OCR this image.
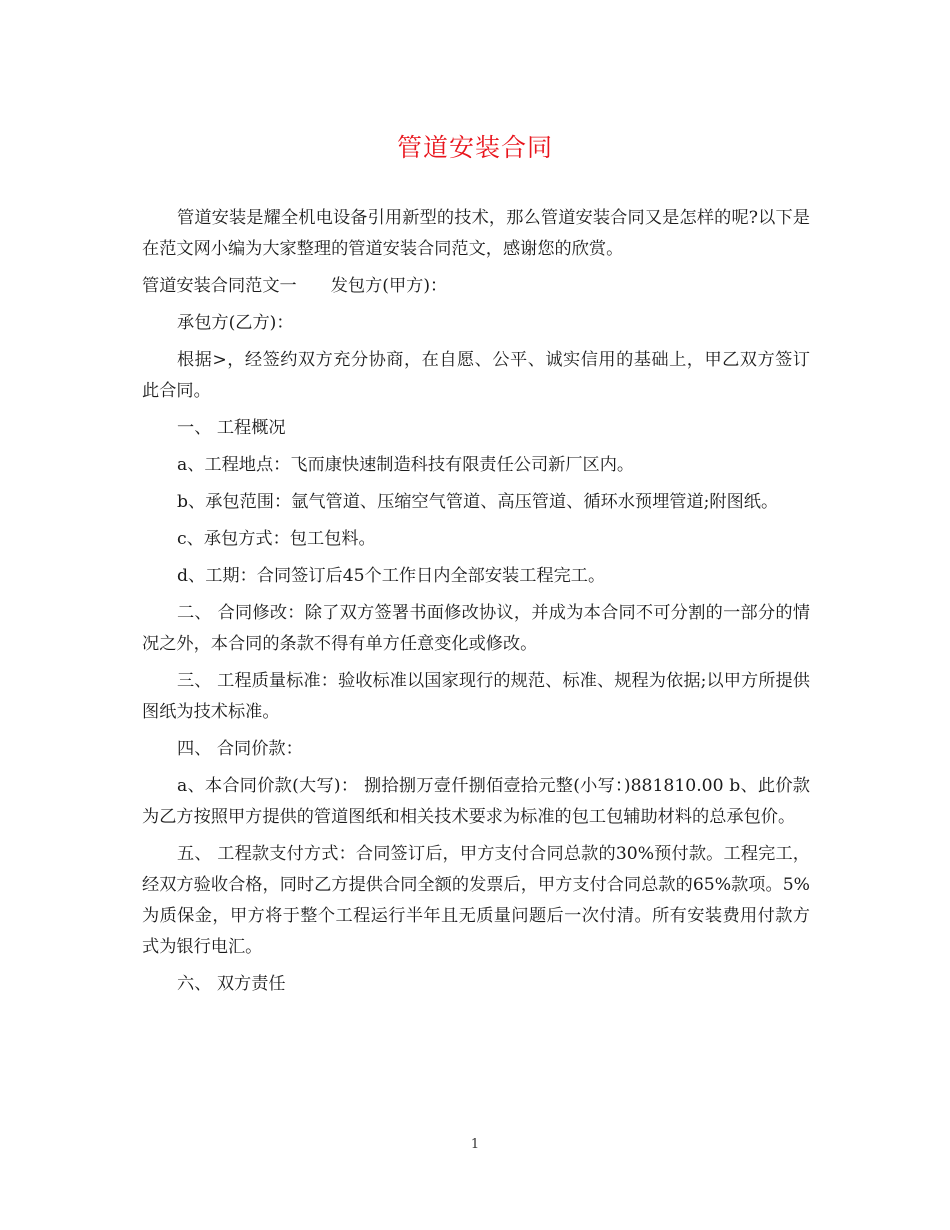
管道安装合同

管道安装是耀全机电设备引用新型的技术，那么管道安装合同又是怎样的呢?以下是在范文网小编为大家整理的管道安装合同范文，感谢您的欣赏。

管道安装合同范文一 发包方(甲方)：

承包方(乙方)：

根据>，经签约双方充分协商，在自愿、公平、诚实信用的基础上，甲乙双方签订此合同。

一、 工程概况

a、工程地点：飞而康快速制造科技有限责任公司新厂区内。

b、承包范围：氩气管道、压缩空气管道、高压管道、循环水预埋管道;附图纸。

c、承包方式：包工包料。

d、工期：合同签订后45个工作日内全部安装工程完工。

二、 合同修改：除了双方签署书面修改协议，并成为本合同不可分割的一部分的情况之外，本合同的条款不得有单方任意变化或修改。

三、 工程质量标准：验收标准以国家现行的规范、标准、规程为依据;以甲方所提供图纸为技术标准。

四、 合同价款：

a、本合同价款(大写)： 捌拾捌万壹仟捌佰壹拾元整(小写：)881810.00 b、此价款为乙方按照甲方提供的管道图纸和相关技术要求为标准的包工包辅助材料的总承包价。

五、 工程款支付方式：合同签订后，甲方支付合同总款的30%预付款。工程完工，经双方验收合格，同时乙方提供合同全额的发票后，甲方支付合同总款的65%款项。5%为质保金，甲方将于整个工程运行半年且无质量问题后一次付清。所有安装费用付款方式为银行电汇。

六、 双方责任

1
